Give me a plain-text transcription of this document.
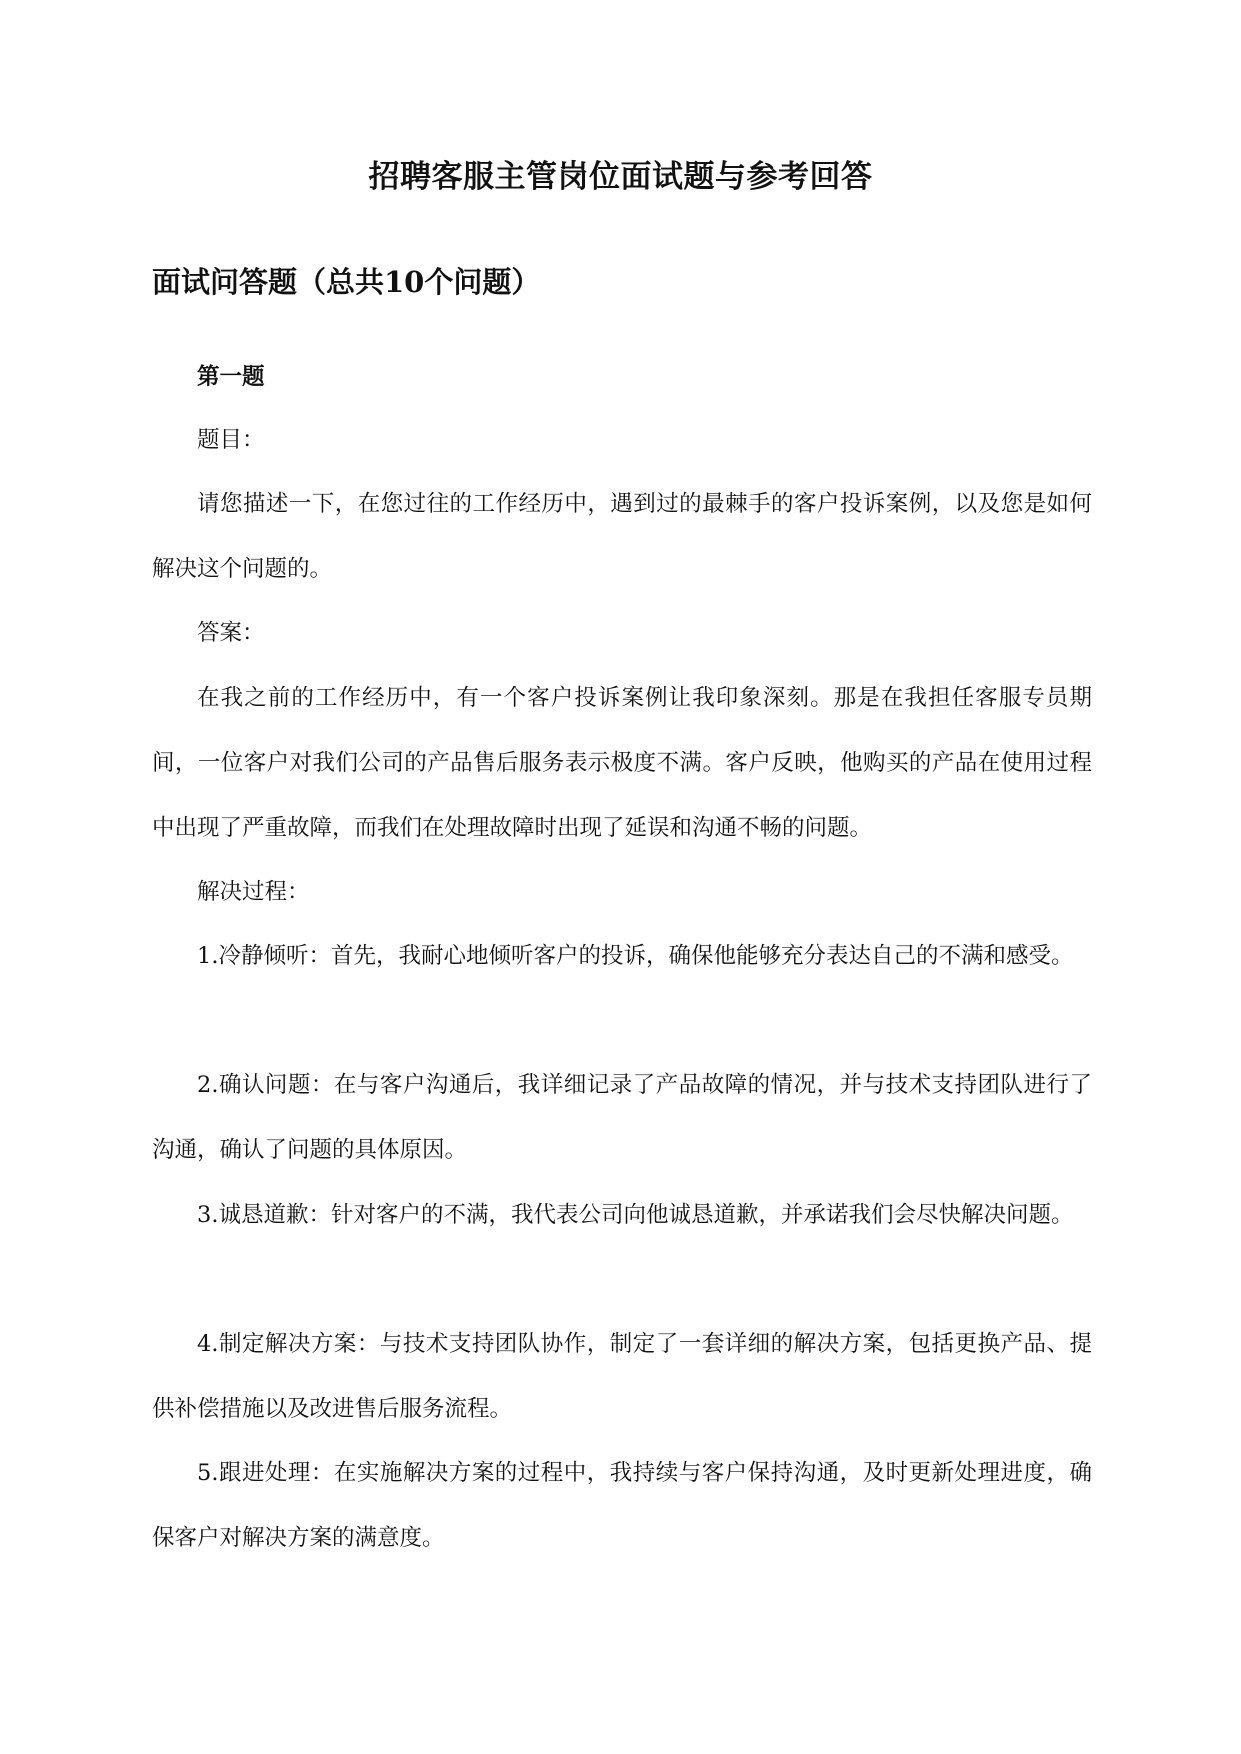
招聘客服主管岗位面试题与参考回答
面试问答题（总共10个问题）

第一题

题目：

请您描述一下，在您过往的工作经历中，遇到过的最棘手的客户投诉案例，以及您是如何解决这个问题的。

答案：

在我之前的工作经历中，有一个客户投诉案例让我印象深刻。那是在我担任客服专员期间，一位客户对我们公司的产品售后服务表示极度不满。客户反映，他购买的产品在使用过程中出现了严重故障，而我们在处理故障时出现了延误和沟通不畅的问题。

解决过程：

1.冷静倾听：首先，我耐心地倾听客户的投诉，确保他能够充分表达自己的不满和感受。

2.确认问题：在与客户沟通后，我详细记录了产品故障的情况，并与技术支持团队进行了沟通，确认了问题的具体原因。

3.诚恳道歉：针对客户的不满，我代表公司向他诚恳道歉，并承诺我们会尽快解决问题。

4.制定解决方案：与技术支持团队协作，制定了一套详细的解决方案，包括更换产品、提供补偿措施以及改进售后服务流程。

5.跟进处理：在实施解决方案的过程中，我持续与客户保持沟通，及时更新处理进度，确保客户对解决方案的满意度。
